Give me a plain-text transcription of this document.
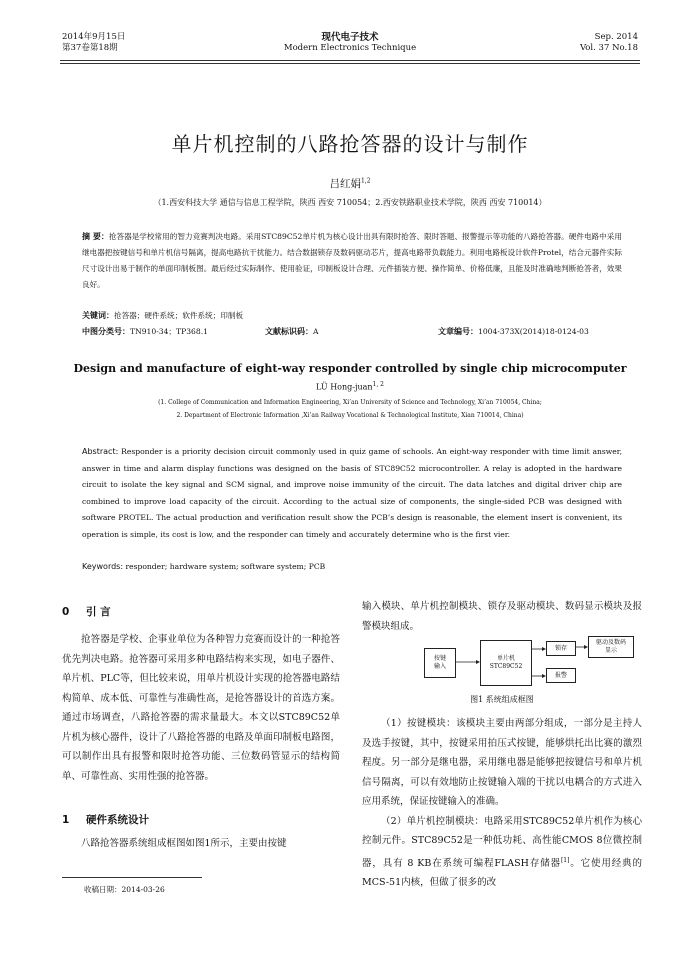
2014年9月15日
第37卷第18期
现代电子技术
Modern Electronics Technique
Sep. 2014
Vol. 37 No.18
单片机控制的八路抢答器的设计与制作
吕红娟$^{1,2}$
（1.西安科技大学 通信与信息工程学院，陕西 西安 710054；2.西安铁路职业技术学院，陕西 西安 710014）
摘 要：抢答器是学校常用的智力竞赛判决电路。采用STC89C52单片机为核心设计出具有限时抢答、限时答题、报警提示等功能的八路抢答器。硬件电路中采用继电器把按键信号和单片机信号隔离，提高电路抗干扰能力。结合数据锁存及数码驱动芯片，提高电路带负载能力。利用电路板设计软件Protel，结合元器件实际尺寸设计出易于制作的单面印制板图。最后经过实际制作、使用验证，印制板设计合理、元件插装方便、操作简单、价格低廉，且能及时准确地判断抢答者，效果良好。
关键词：抢答器；硬件系统；软件系统；印制板
中图分类号：TN910-34；TP368.1	文献标识码：A	文章编号：1004-373X(2014)18-0124-03
Design and manufacture of eight-way responder controlled by single chip microcomputer
LÜ Hong-juan$^{1, 2}$
(1. College of Communication and Information Engineering, Xi’an University of Science and Technology, Xi’an 710054, China;
2. Department of Electronic Information ,Xi’an Railway Vocational & Technological Institute, Xian 710014, China)
Abstract: Responder is a priority decision circuit commonly used in quiz game of schools. An eight-way responder with time limit answer, answer in time and alarm display functions was designed on the basis of STC89C52 microcontroller. A relay is adopted in the hardware circuit to isolate the key signal and SCM signal, and improve noise immunity of the circuit. The data latches and digital driver chip are combined to improve load capacity of the circuit. According to the actual size of components, the single-sided PCB was designed with software PROTEL. The actual production and verification result show the PCB’s design is reasonable, the element insert is convenient, its operation is simple, its cost is low, and the responder can timely and accurately determine who is the first vier.
Keywords: responder; hardware system; software system; PCB
0 引 言

抢答器是学校、企事业单位为各种智力竞赛而设计的一种抢答优先判决电路。抢答器可采用多种电路结构来实现，如电子器件、单片机、PLC等，但比较来说，用单片机设计实现的抢答器电路结构简单、成本低、可靠性与准确性高，是抢答器设计的首选方案。通过市场调查，八路抢答器的需求量最大。本文以STC89C52单片机为核心器件，设计了八路抢答器的电路及单面印制板电路图，可以制作出具有报警和限时抢答功能、三位数码管显示的结构简单、可靠性高、实用性强的抢答器。

1 硬件系统设计

八路抢答器系统组成框图如图1所示，主要由按键

收稿日期：2014-03-26

输入模块、单片机控制模块、锁存及驱动模块、数码显示模块及报警模块组成。

按键
输入
单片机
STC89C52
锁存
驱动及数码
显示
报警
图1 系统组成框图

（1）按键模块：该模块主要由两部分组成，一部分是主持人及选手按键，其中，按键采用拍压式按键，能够烘托出比赛的激烈程度。另一部分是继电器，采用继电器是能够把按键信号和单片机信号隔离，可以有效地防止按键输入端的干扰以电耦合的方式进入应用系统，保证按键输入的准确。

（2）单片机控制模块：电路采用STC89C52单片机作为核心控制元件。STC89C52是一种低功耗、高性能CMOS 8位微控制器，具有 8 KB在系统可编程FLASH存储器[1]。它使用经典的MCS-51内核，但做了很多的改
